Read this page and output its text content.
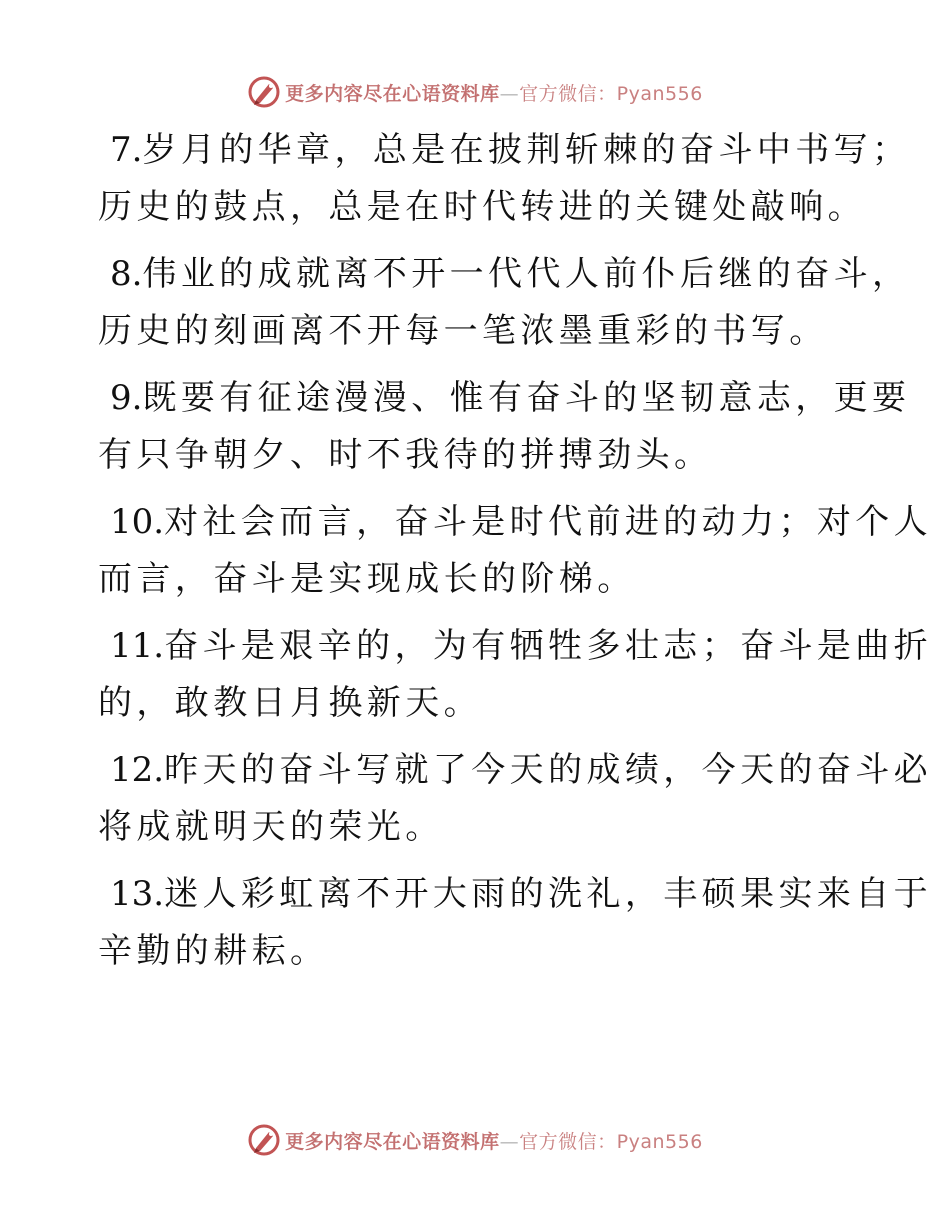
更多内容尽在心语资料库—官方微信：Pyan556
7.岁月的华章，总是在披荆斩棘的奋斗中书写；
历史的鼓点，总是在时代转进的关键处敲响。
8.伟业的成就离不开一代代人前仆后继的奋斗，
历史的刻画离不开每一笔浓墨重彩的书写。
9.既要有征途漫漫、惟有奋斗的坚韧意志，更要
有只争朝夕、时不我待的拼搏劲头。
10.对社会而言，奋斗是时代前进的动力；对个人
而言，奋斗是实现成长的阶梯。
11.奋斗是艰辛的，为有牺牲多壮志；奋斗是曲折
的，敢教日月换新天。
12.昨天的奋斗写就了今天的成绩，今天的奋斗必
将成就明天的荣光。
13.迷人彩虹离不开大雨的洗礼，丰硕果实来自于
辛勤的耕耘。
更多内容尽在心语资料库—官方微信：Pyan556
